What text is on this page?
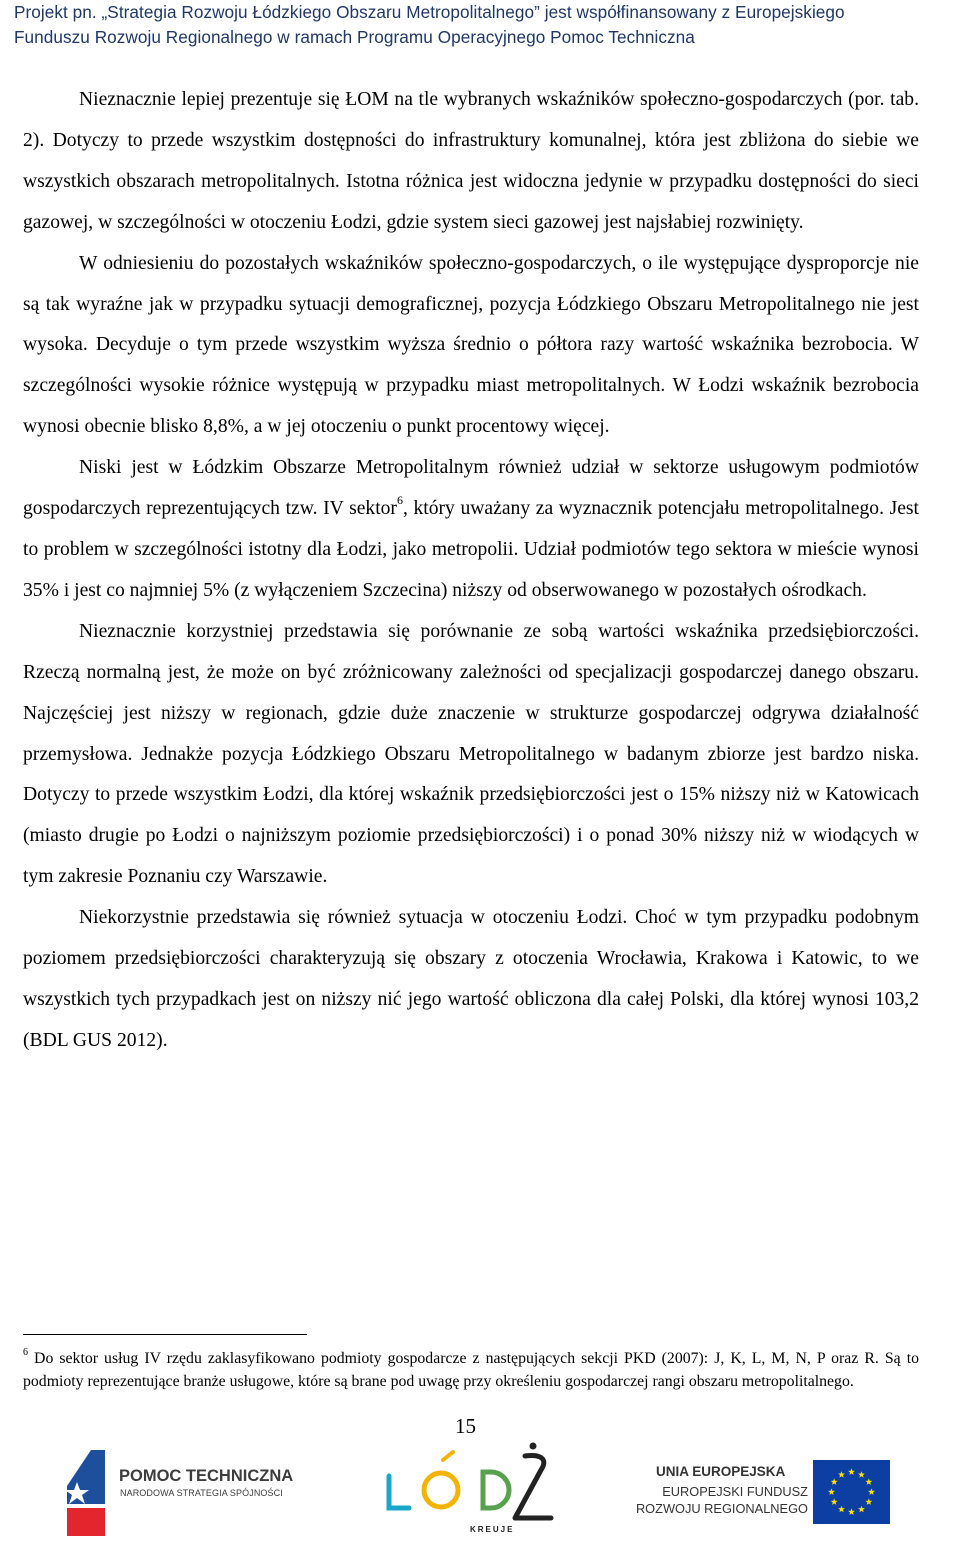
Projekt pn. „Strategia Rozwoju Łódzkiego Obszaru Metropolitalnego” jest współfinansowany z Europejskiego
Funduszu Rozwoju Regionalnego w ramach Programu Operacyjnego Pomoc Techniczna

Nieznacznie lepiej prezentuje się ŁOM na tle wybranych wskaźników społeczno-gospodarczych (por. tab. 2). Dotyczy to przede wszystkim dostępności do infrastruktury komunalnej, która jest zbliżona do siebie we wszystkich obszarach metropolitalnych. Istotna różnica jest widoczna jedynie w przypadku dostępności do sieci gazowej, w szczególności w otoczeniu Łodzi, gdzie system sieci gazowej jest najsłabiej rozwinięty.

W odniesieniu do pozostałych wskaźników społeczno-gospodarczych, o ile występujące dysproporcje nie są tak wyraźne jak w przypadku sytuacji demograficznej, pozycja Łódzkiego Obszaru Metropolitalnego nie jest wysoka. Decyduje o tym przede wszystkim wyższa średnio o półtora razy wartość wskaźnika bezrobocia. W szczególności wysokie różnice występują w przypadku miast metropolitalnych. W Łodzi wskaźnik bezrobocia wynosi obecnie blisko 8,8%, a w jej otoczeniu o punkt procentowy więcej.

Niski jest w Łódzkim Obszarze Metropolitalnym również udział w sektorze usługowym podmiotów gospodarczych reprezentujących tzw. IV sektor$^6$, który uważany za wyznacznik potencjału metropolitalnego. Jest to problem w szczególności istotny dla Łodzi, jako metropolii. Udział podmiotów tego sektora w mieście wynosi 35% i jest co najmniej 5% (z wyłączeniem Szczecina) niższy od obserwowanego w pozostałych ośrodkach.

Nieznacznie korzystniej przedstawia się porównanie ze sobą wartości wskaźnika przedsiębiorczości. Rzeczą normalną jest, że może on być zróżnicowany zależności od specjalizacji gospodarczej danego obszaru. Najczęściej jest niższy w regionach, gdzie duże znaczenie w strukturze gospodarczej odgrywa działalność przemysłowa. Jednakże pozycja Łódzkiego Obszaru Metropolitalnego w badanym zbiorze jest bardzo niska. Dotyczy to przede wszystkim Łodzi, dla której wskaźnik przedsiębiorczości jest o 15% niższy niż w Katowicach (miasto drugie po Łodzi o najniższym poziomie przedsiębiorczości) i o ponad 30% niższy niż w wiodących w tym zakresie Poznaniu czy Warszawie.

Niekorzystnie przedstawia się również sytuacja w otoczeniu Łodzi. Choć w tym przypadku podobnym poziomem przedsiębiorczości charakteryzują się obszary z otoczenia Wrocławia, Krakowa i Katowic, to we wszystkich tych przypadkach jest on niższy nić jego wartość obliczona dla całej Polski, dla której wynosi 103,2 (BDL GUS 2012).

$^6$ Do sektor usług IV rzędu zaklasyfikowano podmioty gospodarcze z następujących sekcji PKD (2007): J, K, L, M, N, P oraz R. Są to podmioty reprezentujące branże usługowe, które są brane pod uwagę przy określeniu gospodarczej rangi obszaru metropolitalnego.
15
POMOC TECHNICZNA
NARODOWA STRATEGIA SPÓJNOŚCI
KREUJE
UNIA EUROPEJSKA
EUROPEJSKI FUNDUSZ
ROZWOJU REGIONALNEGO
